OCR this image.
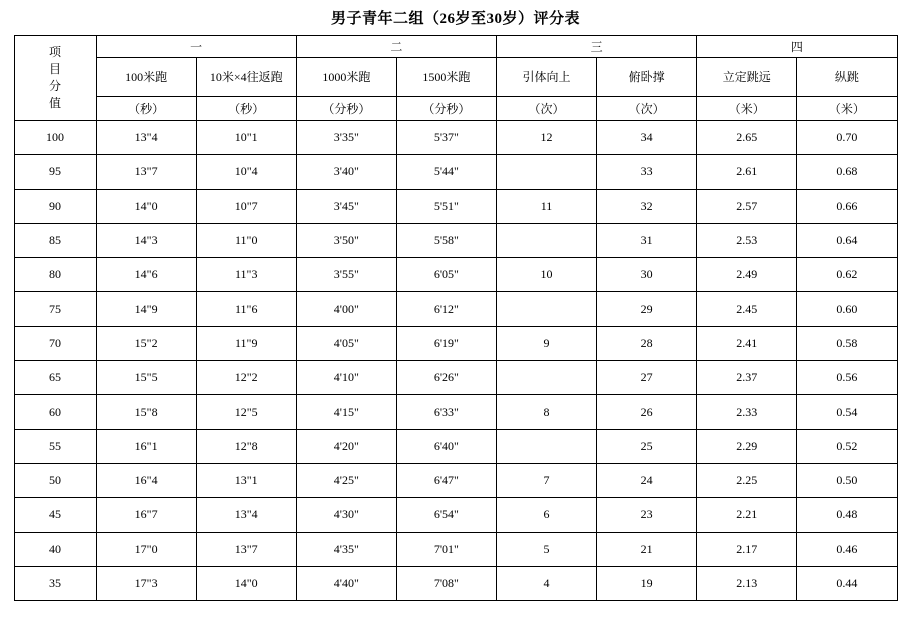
男子青年二组（26岁至30岁）评分表
项
目
分
值	一		二		三		四	
	100米跑	10米×4往返跑	1000米跑	1500米跑	引体向上	俯卧撑	立定跳远	纵跳
	（秒）	（秒）	（分秒）	（分秒）	（次）	（次）	（米）	（米）
100	13"4	10"1	3'35"	5'37"	12	34	2.65	0.70
95	13"7	10"4	3'40"	5'44"		33	2.61	0.68
90	14"0	10"7	3'45"	5'51"	11	32	2.57	0.66
85	14"3	11"0	3'50"	5'58"		31	2.53	0.64
80	14"6	11"3	3'55"	6'05"	10	30	2.49	0.62
75	14"9	11"6	4'00"	6'12"		29	2.45	0.60
70	15"2	11"9	4'05"	6'19"	9	28	2.41	0.58
65	15"5	12"2	4'10"	6'26"		27	2.37	0.56
60	15"8	12"5	4'15"	6'33"	8	26	2.33	0.54
55	16"1	12"8	4'20"	6'40"		25	2.29	0.52
50	16"4	13"1	4'25"	6'47"	7	24	2.25	0.50
45	16"7	13"4	4'30"	6'54"	6	23	2.21	0.48
40	17"0	13"7	4'35"	7'01"	5	21	2.17	0.46
35	17"3	14"0	4'40"	7'08"	4	19	2.13	0.44
